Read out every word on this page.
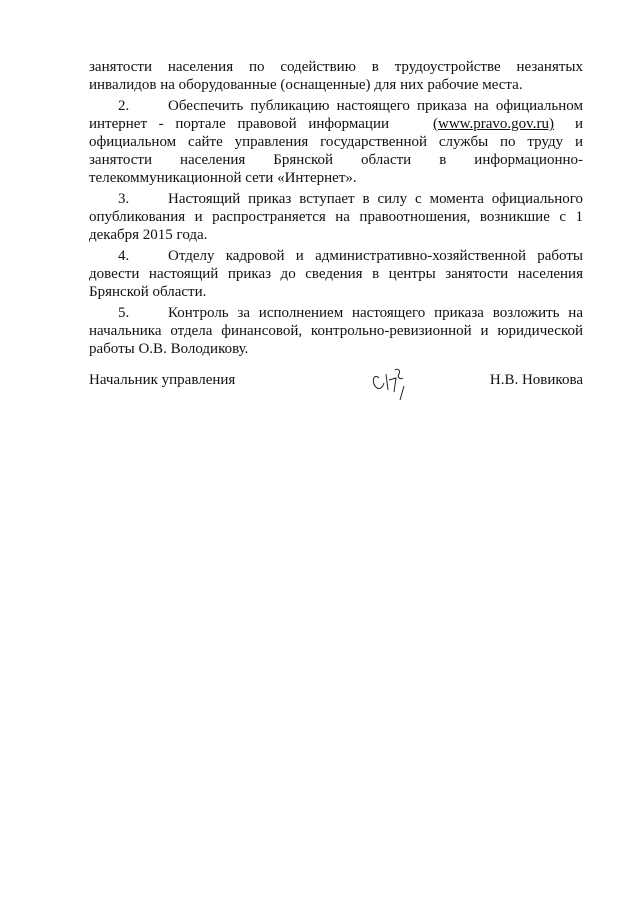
занятости населения по содействию в трудоустройстве незанятых
инвалидов на оборудованные (оснащенные) для них рабочие места.
2.	Обеспечить публикацию настоящего приказа на официальном
интернет - портале правовой информации	(www.pravo.gov.ru) и
официальном сайте управления государственной службы по труду и
занятости населения Брянской области в информационно-
телекоммуникационной сети «Интернет».
3.	Настоящий приказ вступает в силу с момента официального
опубликования и распространяется на правоотношения, возникшие с 1
декабря 2015 года.
4.	Отделу кадровой и административно-хозяйственной работы
довести настоящий приказ до сведения в центры занятости населения
Брянской области.
5.	Контроль за исполнением настоящего приказа возложить на
начальника отдела финансовой, контрольно-ревизионной и юридической
работы О.В. Володикову.
Начальник управления	Н.В. Новикова
